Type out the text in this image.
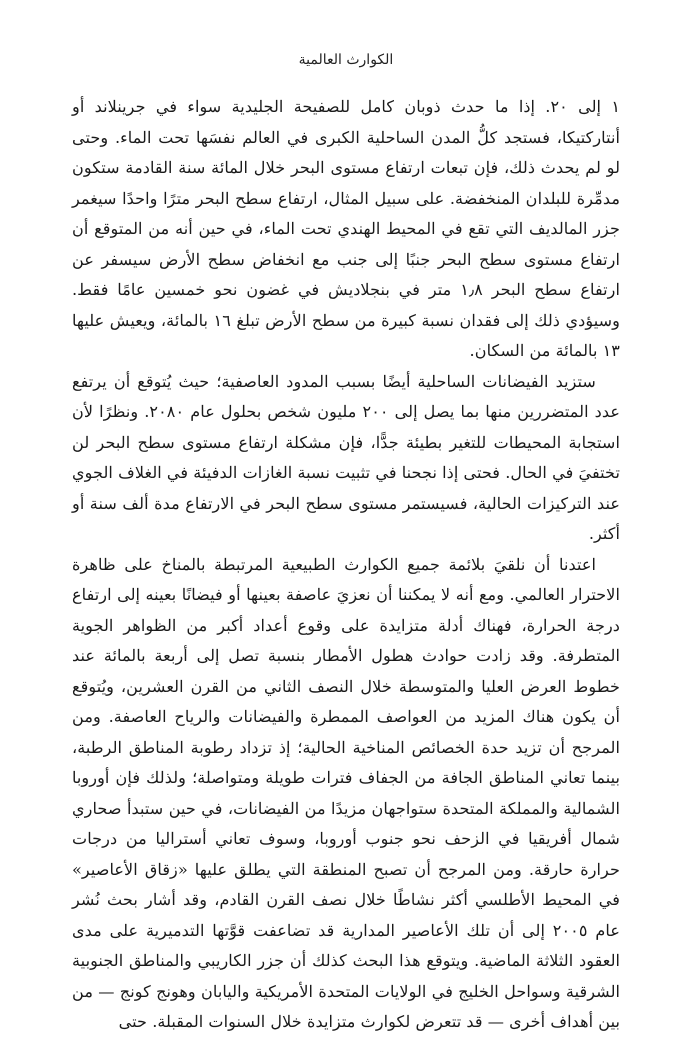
الكوارث العالمية

١ إلى ٢٠. إذا ما حدث ذوبان كامل للصفيحة الجليدية سواء في جرينلاند أو أنتاركتيكا، فستجد كلُّ المدن الساحلية الكبرى في العالم نفسَها تحت الماء. وحتى لو لم يحدث ذلك، فإن تبعات ارتفاع مستوى البحر خلال المائة سنة القادمة ستكون مدمِّرة للبلدان المنخفضة. على سبيل المثال، ارتفاع سطح البحر مترًا واحدًا سيغمر جزر المالديف التي تقع في المحيط الهندي تحت الماء، في حين أنه من المتوقع أن ارتفاع مستوى سطح البحر جنبًا إلى جنب مع انخفاض سطح الأرض سيسفر عن ارتفاع سطح البحر ١٫٨ متر في بنجلاديش في غضون نحو خمسين عامًا فقط. وسيؤدي ذلك إلى فقدان نسبة كبيرة من سطح الأرض تبلغ ١٦ بالمائة، ويعيش عليها ١٣ بالمائة من السكان.

ستزيد الفيضانات الساحلية أيضًا بسبب المدود العاصفية؛ حيث يُتوقع أن يرتفع عدد المتضررين منها بما يصل إلى ٢٠٠ مليون شخص بحلول عام ٢٠٨٠. ونظرًا لأن استجابة المحيطات للتغير بطيئة جدًّا، فإن مشكلة ارتفاع مستوى سطح البحر لن تختفيَ في الحال. فحتى إذا نجحنا في تثبيت نسبة الغازات الدفيئة في الغلاف الجوي عند التركيزات الحالية، فسيستمر مستوى سطح البحر في الارتفاع مدة ألف سنة أو أكثر.

اعتدنا أن نلقيَ بلائمة جميع الكوارث الطبيعية المرتبطة بالمناخ على ظاهرة الاحترار العالمي. ومع أنه لا يمكننا أن نعزيَ عاصفة بعينها أو فيضانًا بعينه إلى ارتفاع درجة الحرارة، فهناك أدلة متزايدة على وقوع أعداد أكبر من الظواهر الجوية المتطرفة. وقد زادت حوادث هطول الأمطار بنسبة تصل إلى أربعة بالمائة عند خطوط العرض العليا والمتوسطة خلال النصف الثاني من القرن العشرين، ويُتوقع أن يكون هناك المزيد من العواصف الممطرة والفيضانات والرياح العاصفة. ومن المرجح أن تزيد حدة الخصائص المناخية الحالية؛ إذ تزداد رطوبة المناطق الرطبة، بينما تعاني المناطق الجافة من الجفاف فترات طويلة ومتواصلة؛ ولذلك فإن أوروبا الشمالية والمملكة المتحدة ستواجهان مزيدًا من الفيضانات، في حين ستبدأ صحاري شمال أفريقيا في الزحف نحو جنوب أوروبا، وسوف تعاني أستراليا من درجات حرارة حارقة. ومن المرجح أن تصبح المنطقة التي يطلق عليها «زقاق الأعاصير» في المحيط الأطلسي أكثر نشاطًا خلال نصف القرن القادم، وقد أشار بحث نُشر عام ٢٠٠٥ إلى أن تلك الأعاصير المدارية قد تضاعفت قوَّتها التدميرية على مدى العقود الثلاثة الماضية. ويتوقع هذا البحث كذلك أن جزر الكاريبي والمناطق الجنوبية الشرقية وسواحل الخليج في الولايات المتحدة الأمريكية واليابان وهونج كونج — من بين أهداف أخرى — قد تتعرض لكوارث متزايدة خلال السنوات المقبلة. حتى
